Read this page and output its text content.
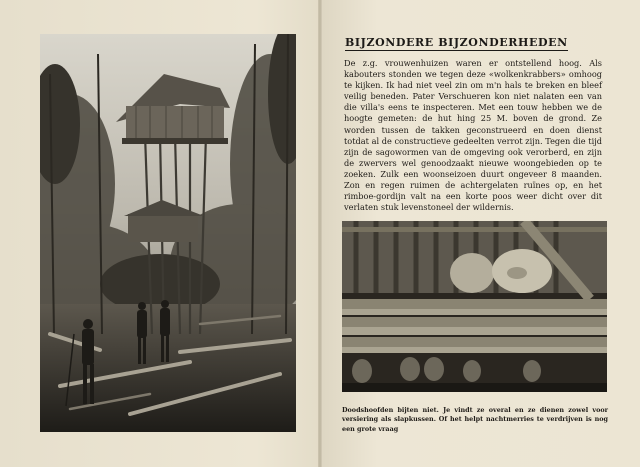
BIJZONDERE BIJZONDERHEDEN

De z.g. vrouwenhuizen waren er ontstellend hoog. Als kabouters stonden we tegen deze «wolkenkrabbers» omhoog te kijken. Ik had niet veel zin om m'n hals te breken en bleef veilig beneden. Pater Verschueren kon niet nalaten een van die villa's eens te inspecteren. Met een touw hebben we de hoogte gemeten: de hut hing 25 M. boven de grond. Ze worden tussen de takken geconstrueerd en doen dienst totdat al de constructieve gedeelten verrot zijn. Tegen die tijd zijn de sagowormen van de omgeving ook verorberd, en zijn de zwervers wel genoodzaakt nieuwe woongebieden op te zoeken. Zulk een woonseizoen duurt ongeveer 8 maanden. Zon en regen ruimen de achtergelaten ruïnes op, en het rimboe-gordijn valt na een korte poos weer dicht over dit verlaten stuk levenstoneel der wildernis.

Doodshoofden bijten niet. Je vindt ze overal en ze dienen zowel voor versiering als slapkussen. Of het helpt nachtmerries te verdrijven is nog een grote vraag
